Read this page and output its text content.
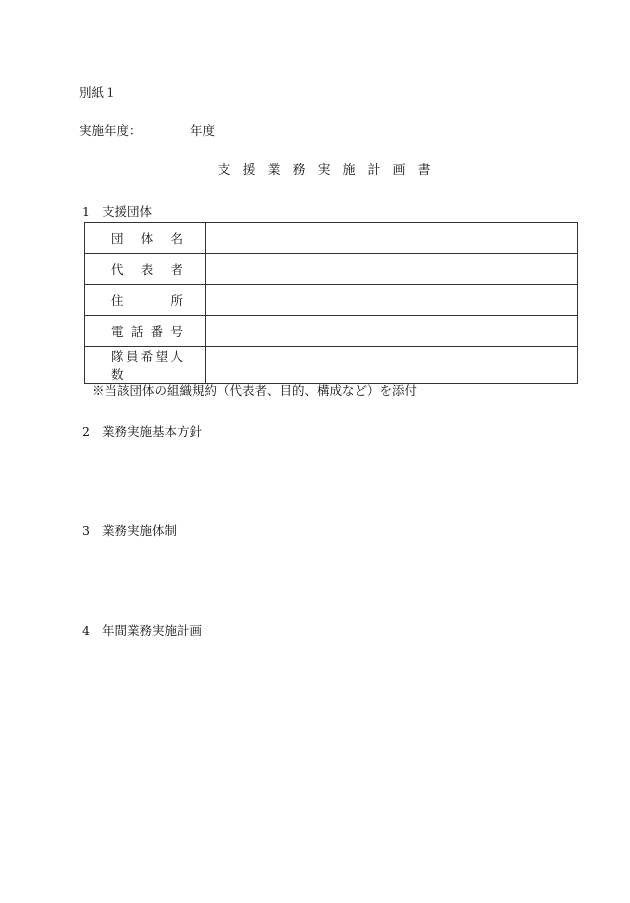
別紙１
実施年度：	年度
支援業務実施計画書
1 支援団体
団体名	

代表者	

住所	

電話番号	

隊員希望人数	

※当該団体の組織規約（代表者、目的、構成など）を添付
2 業務実施基本方針
3 業務実施体制
4 年間業務実施計画
